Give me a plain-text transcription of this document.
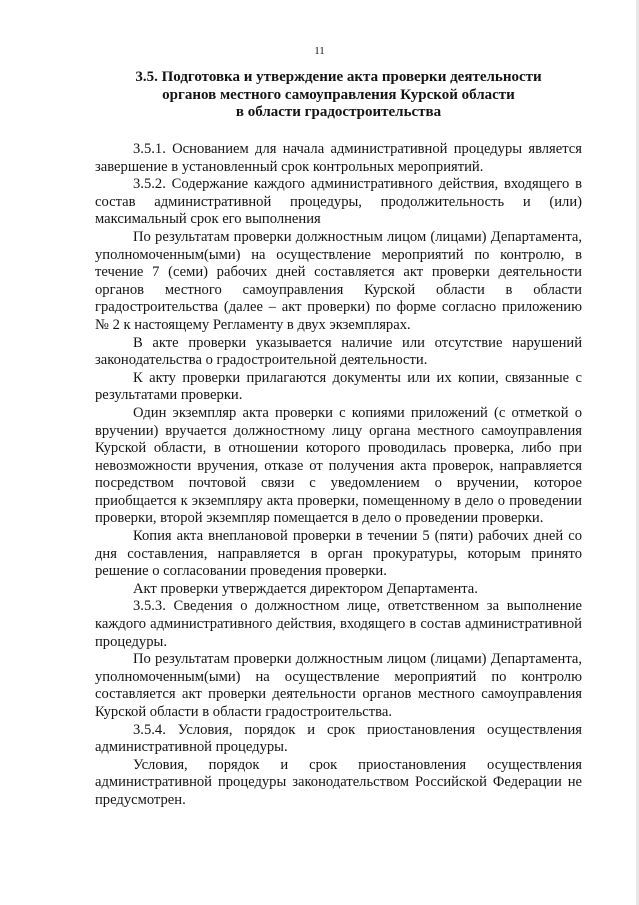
11
3.5. Подготовка и утверждение акта проверки деятельности
органов местного самоуправления Курской области
в области градостроительства

3.5.1. Основанием для начала административной процедуры является завершение в установленный срок контрольных мероприятий.

3.5.2. Содержание каждого административного действия, входящего в состав административной процедуры, продолжительность и (или) максимальный срок его выполнения

По результатам проверки должностным лицом (лицами) Департамента, уполномоченным(ыми) на осуществление мероприятий по контролю, в течение 7 (семи) рабочих дней составляется акт проверки деятельности органов местного самоуправления Курской области в области градостроительства (далее – акт проверки) по форме согласно приложению № 2 к настоящему Регламенту в двух экземплярах.

В акте проверки указывается наличие или отсутствие нарушений законодательства о градостроительной деятельности.

К акту проверки прилагаются документы или их копии, связанные с результатами проверки.

Один экземпляр акта проверки с копиями приложений (с отметкой о вручении) вручается должностному лицу органа местного самоуправления Курской области, в отношении которого проводилась проверка, либо при невозможности вручения, отказе от получения акта проверок, направляется посредством почтовой связи с уведомлением о вручении, которое приобщается к экземпляру акта проверки, помещенному в дело о проведении проверки, второй экземпляр помещается в дело о проведении проверки.

Копия акта внеплановой проверки в течении 5 (пяти) рабочих дней со дня составления, направляется в орган прокуратуры, которым принято решение о согласовании проведения проверки.

Акт проверки утверждается директором Департамента.

3.5.3. Сведения о должностном лице, ответственном за выполнение каждого административного действия, входящего в состав административной процедуры.

По результатам проверки должностным лицом (лицами) Департамента, уполномоченным(ыми) на осуществление мероприятий по контролю составляется акт проверки деятельности органов местного самоуправления Курской области в области градостроительства.

3.5.4. Условия, порядок и срок приостановления осуществления административной процедуры.

Условия, порядок и срок приостановления осуществления административной процедуры законодательством Российской Федерации не предусмотрен.
